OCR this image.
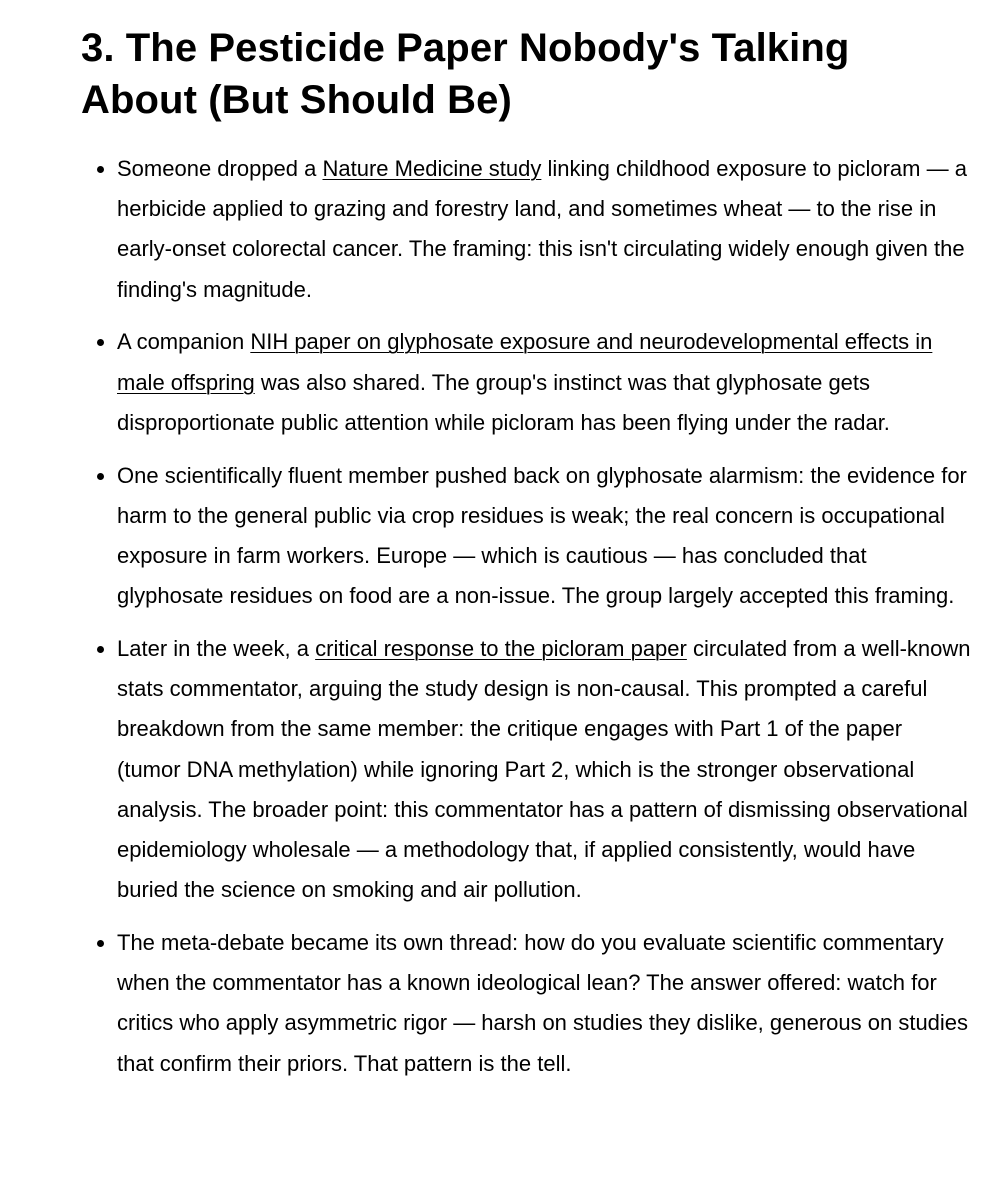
3. The Pesticide Paper Nobody's Talking About (But Should Be)
Someone dropped a Nature Medicine study linking childhood exposure to picloram — a herbicide applied to grazing and forestry land, and sometimes wheat — to the rise in early-onset colorectal cancer. The framing: this isn't circulating widely enough given the finding's magnitude.
A companion NIH paper on glyphosate exposure and neurodevelopmental effects in male offspring was also shared. The group's instinct was that glyphosate gets disproportionate public attention while picloram has been flying under the radar.
One scientifically fluent member pushed back on glyphosate alarmism: the evidence for harm to the general public via crop residues is weak; the real concern is occupational exposure in farm workers. Europe — which is cautious — has concluded that glyphosate residues on food are a non-issue. The group largely accepted this framing.
Later in the week, a critical response to the picloram paper circulated from a well-known stats commentator, arguing the study design is non-causal. This prompted a careful breakdown from the same member: the critique engages with Part 1 of the paper (tumor DNA methylation) while ignoring Part 2, which is the stronger observational analysis. The broader point: this commentator has a pattern of dismissing observational epidemiology wholesale — a methodology that, if applied consistently, would have buried the science on smoking and air pollution.
The meta-debate became its own thread: how do you evaluate scientific commentary when the commentator has a known ideological lean? The answer offered: watch for critics who apply asymmetric rigor — harsh on studies they dislike, generous on studies that confirm their priors. That pattern is the tell.
